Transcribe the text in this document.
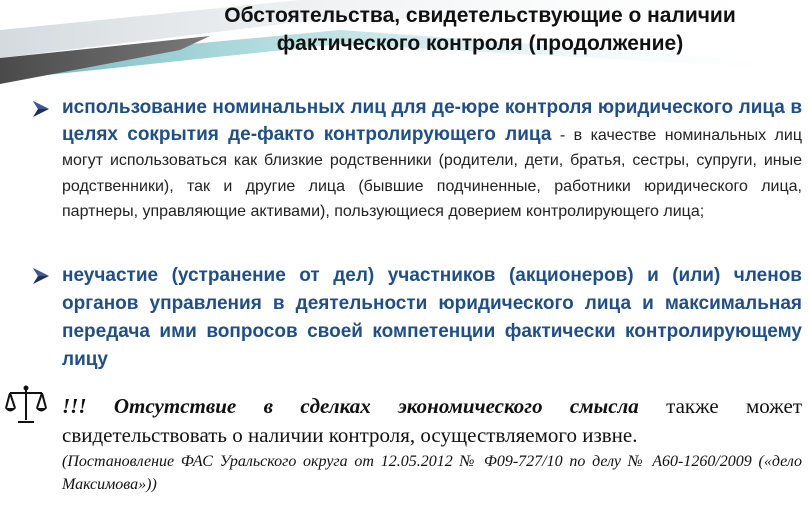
Обстоятельства, свидетельствующие о наличии
фактического контроля (продолжение)
использование номинальных лиц для де-юре контроля юридического лица в целях сокрытия де-факто контролирующего лица - в качестве номинальных лиц могут использоваться как близкие родственники (родители, дети, братья, сестры, супруги, иные родственники), так и другие лица (бывшие подчиненные, работники юридического лица, партнеры, управляющие активами), пользующиеся доверием контролирующего лица;
неучастие (устранение от дел) участников (акционеров) и (или) членов органов управления в деятельности юридического лица и максимальная передача ими вопросов своей компетенции фактически контролирующему лицу
!!! Отсутствие в сделках экономического смысла также может свидетельствовать о наличии контроля, осуществляемого извне.
(Постановление ФАС Уральского округа от 12.05.2012 № Ф09-727/10 по делу № А60-1260/2009 («дело Максимова»))
